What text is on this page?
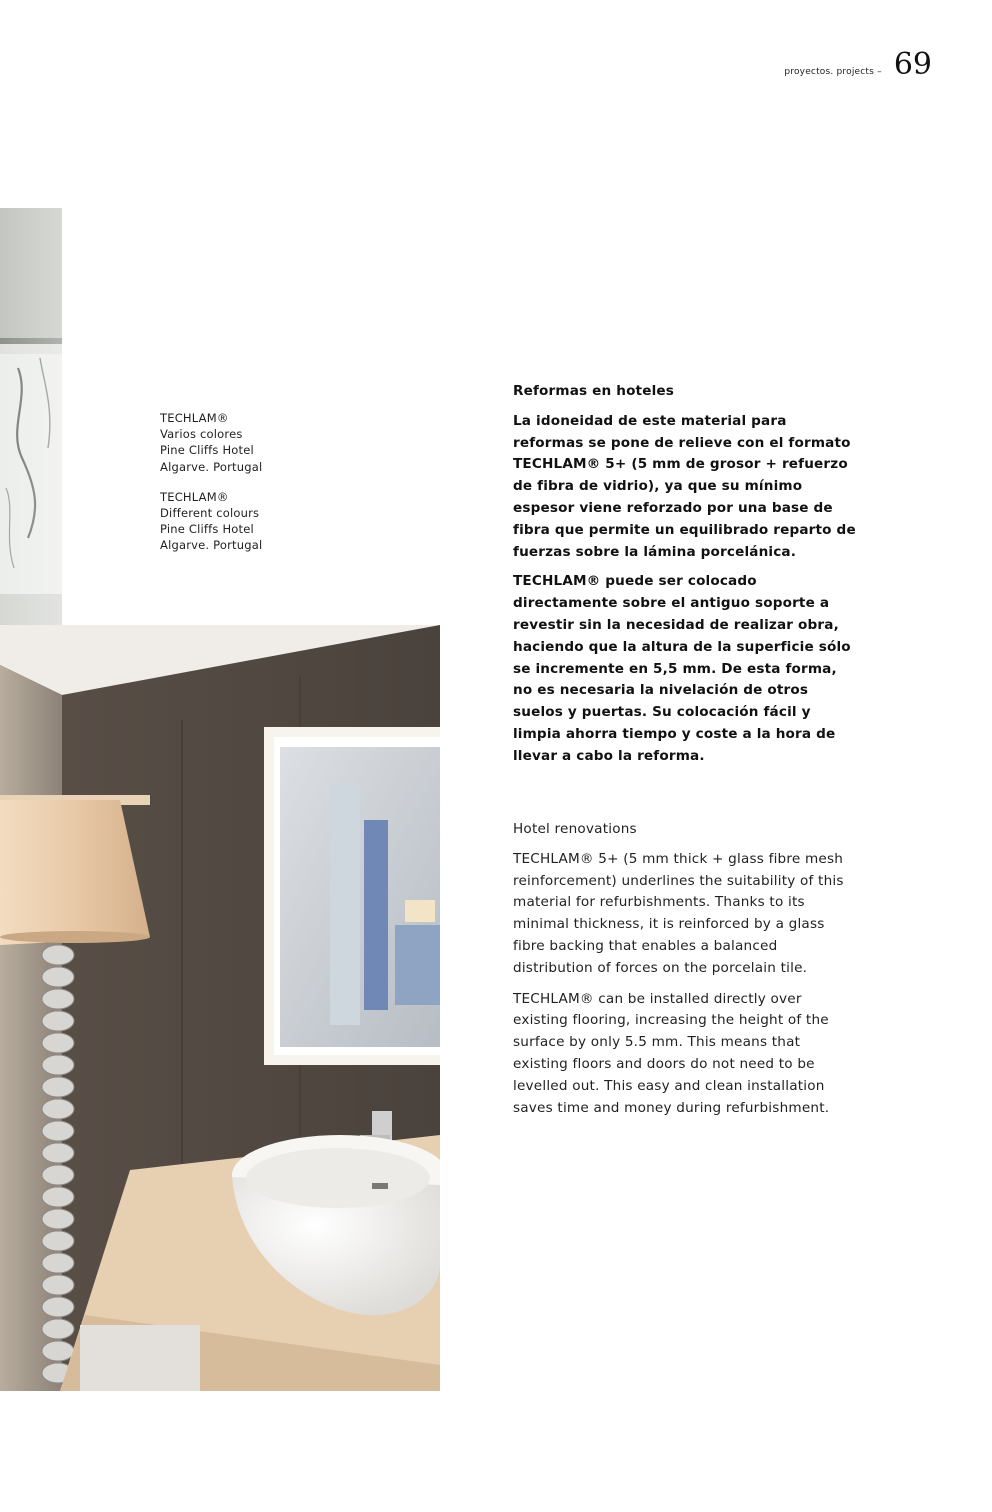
proyectos. projects – 69
TECHLAM®
Varios colores
Pine Cliffs Hotel
Algarve. Portugal
TECHLAM®
Different colours
Pine Cliffs Hotel
Algarve. Portugal
Reformas en hoteles

La idoneidad de este material para reformas se pone de relieve con el formato TECHLAM® 5+ (5 mm de grosor + refuerzo de fibra de vidrio), ya que su mínimo espesor viene reforzado por una base de fibra que permite un equilibrado reparto de fuerzas sobre la lámina porcelánica.

TECHLAM® puede ser colocado directamente sobre el antiguo soporte a revestir sin la necesidad de realizar obra, haciendo que la altura de la superficie sólo se incremente en 5,5 mm. De esta forma, no es necesaria la nivelación de otros suelos y puertas. Su colocación fácil y limpia ahorra tiempo y coste a la hora de llevar a cabo la reforma.

Hotel renovations

TECHLAM® 5+ (5 mm thick + glass fibre mesh reinforcement) underlines the suitability of this material for refurbishments. Thanks to its minimal thickness, it is reinforced by a glass fibre backing that enables a balanced distribution of forces on the porcelain tile.

TECHLAM® can be installed directly over existing flooring, increasing the height of the surface by only 5.5 mm. This means that existing floors and doors do not need to be levelled out. This easy and clean installation saves time and money during refurbishment.
